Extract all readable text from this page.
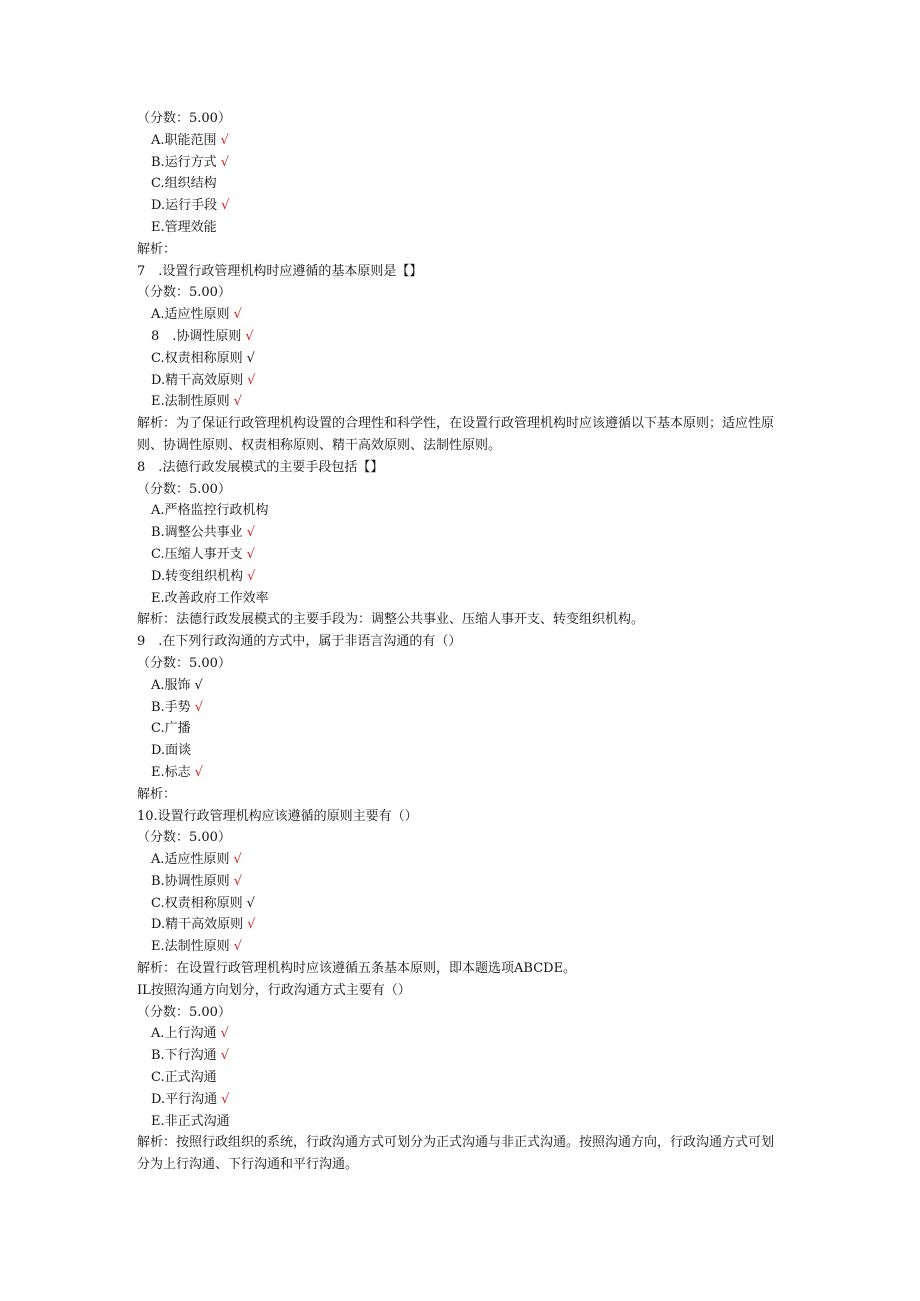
（分数：5.00）
A.职能范围 √
B.运行方式 √
C.组织结构
D.运行手段 √
E.管理效能
解析：
7　.设置行政管理机构时应遵循的基本原则是【】
（分数：5.00）
A.适应性原则 √
8　.协调性原则 √
C.权责相称原则 √
D.精干高效原则 √
E.法制性原则 √
解析：为了保证行政管理机构设置的合理性和科学性，在设置行政管理机构时应该遵循以下基本原则；适应性原则、协调性原则、权责相称原则、精干高效原则、法制性原则。
8　.法德行政发展模式的主要手段包括【】
（分数：5.00）
A.严格监控行政机构
B.调整公共事业 √
C.压缩人事开支 √
D.转变组织机构 √
E.改善政府工作效率
解析：法德行政发展模式的主要手段为：调整公共事业、压缩人事开支、转变组织机构。
9　.在下列行政沟通的方式中，属于非语言沟通的有（）
（分数：5.00）
A.服饰 √
B.手势 √
C.广播
D.面谈
E.标志 √
解析：
10.设置行政管理机构应该遵循的原则主要有（）
（分数：5.00）
A.适应性原则 √
B.协调性原则 √
C.权责相称原则 √
D.精干高效原则 √
E.法制性原则 √
解析：在设置行政管理机构时应该遵循五条基本原则，即本题选项ABCDE。
IL按照沟通方向划分，行政沟通方式主要有（）
（分数：5.00）
A.上行沟通 √
B.下行沟通 √
C.正式沟通
D.平行沟通 √
E.非正式沟通
解析：按照行政组织的系统，行政沟通方式可划分为正式沟通与非正式沟通。按照沟通方向，行政沟通方式可划分为上行沟通、下行沟通和平行沟通。
